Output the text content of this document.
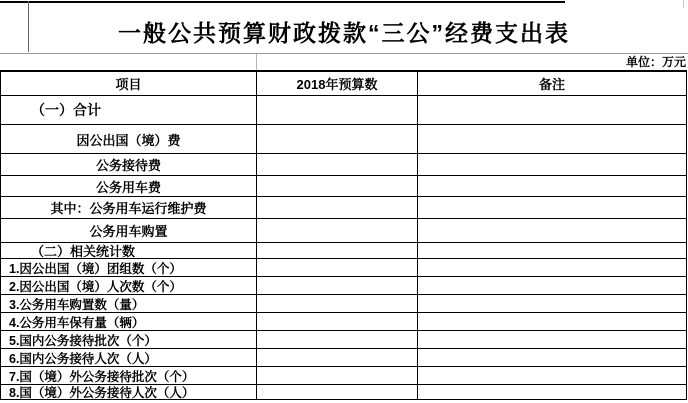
一般公共预算财政拨款“三公”经费支出表
单位：万元
项目	2018年预算数	备注
（一）合计
因公出国（境）费
公务接待费
公务用车费
其中：公务用车运行维护费
公务用车购置
（二）相关统计数
1.因公出国（境）团组数（个）
2.因公出国（境）人次数（个）
3.公务用车购置数（量）
4.公务用车保有量（辆）
5.国内公务接待批次（个）
6.国内公务接待人次（人）
7.国（境）外公务接待批次（个）
8.国（境）外公务接待人次（人）
